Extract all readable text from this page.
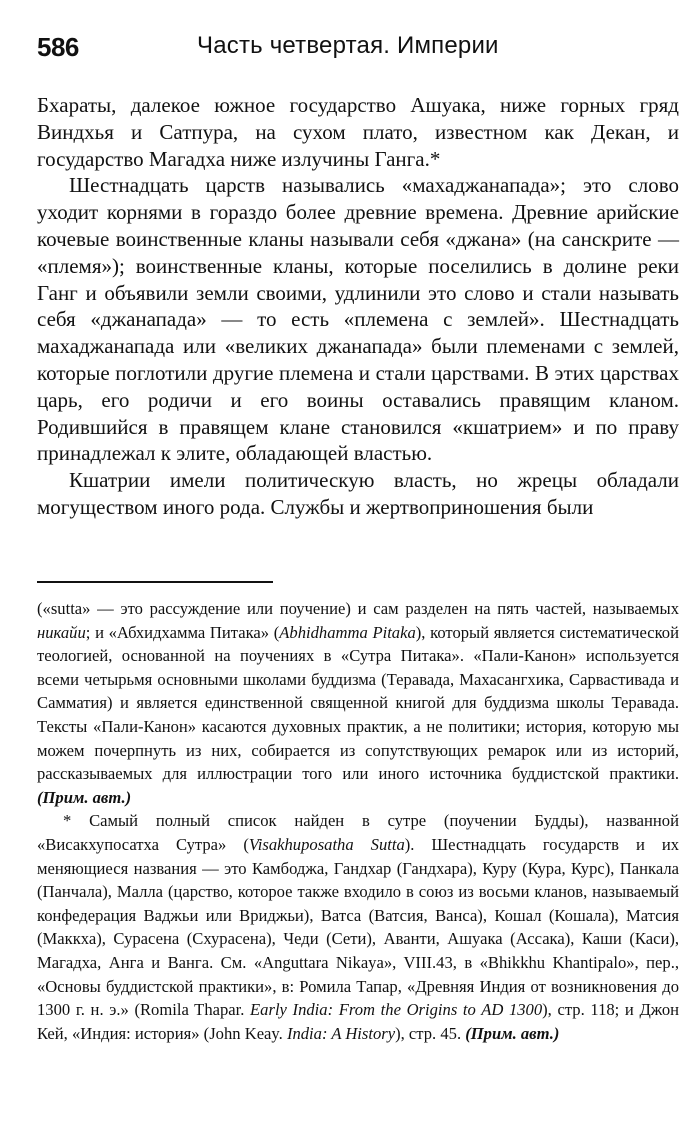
586	Часть четвертая. Империи

Бхараты, далекое южное государство Ашуака, ниже горных гряд Виндхья и Сатпура, на сухом плато, известном как Декан, и государство Магадха ниже излучины Ганга.*

Шестнадцать царств назывались «махаджанапада»; это слово уходит корнями в гораздо более древние времена. Древние арийские кочевые воинственные кланы называли себя «джана» (на санскрите — «племя»); воинственные кланы, которые поселились в долине реки Ганг и объявили земли своими, удлинили это слово и стали называть себя «джанапада» — то есть «племена с землей». Шестнадцать махаджанапада или «великих джанапада» были племенами с землей, которые поглотили другие племена и стали царствами. В этих царствах царь, его родичи и его воины оставались правящим кланом. Родившийся в правящем клане становился «кшатрием» и по праву принадлежал к элите, обладающей властью.

Кшатрии имели политическую власть, но жрецы обладали могуществом иного рода. Службы и жертвоприношения были

(«sutta» — это рассуждение или поучение) и сам разделен на пять частей, называемых никайи; и «Абхидхамма Питака» (Abhidhamma Pitaka), который является систематической теологией, основанной на поучениях в «Сутра Питака». «Пали-Канон» используется всеми четырьмя основными школами буддизма (Теравада, Махасангхика, Сарвастивада и Самматия) и является единственной священной книгой для буддизма школы Теравада. Тексты «Пали-Канон» касаются духовных практик, а не политики; история, которую мы можем почерпнуть из них, собирается из сопутствующих ремарок или из историй, рассказываемых для иллюстрации того или иного источника буддистской практики. (Прим. авт.)

* Самый полный список найден в сутре (поучении Будды), названной «Висакхупосатха Сутра» (Visakhuposatha Sutta). Шестнадцать государств и их меняющиеся названия — это Камбоджа, Гандхар (Гандхара), Куру (Кура, Курс), Панкала (Панчала), Малла (царство, которое также входило в союз из восьми кланов, называемый конфедерация Ваджьи или Вриджьи), Ватса (Ватсия, Ванса), Кошал (Кошала), Матсия (Маккха), Сурасена (Схурасена), Чеди (Сети), Аванти, Ашуака (Ассака), Каши (Каси), Магадха, Анга и Ванга. См. «Anguttara Nikaya», VIII.43, в «Bhikkhu Khantipalo», пер., «Основы буддистской практики», в: Ромила Тапар, «Древняя Индия от возникновения до 1300 г. н. э.» (Romila Thapar. Early India: From the Origins to AD 1300), стр. 118; и Джон Кей, «Индия: история» (John Keay. India: A History), стр. 45. (Прим. авт.)
